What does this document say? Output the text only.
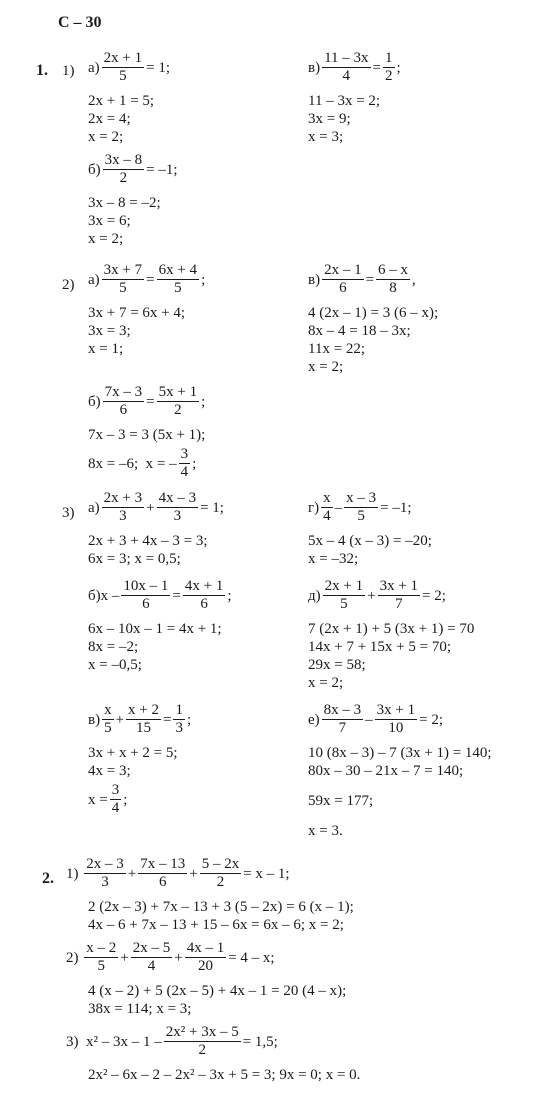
С – 30
1. 1) $а) \frac{2x + 1}{5} = 1$;
2x + 1 = 5;
2x = 4;
x = 2;
$б) \frac{3x - 8}{2} = -1$;
3x – 8 = –2;
3x = 6;
x = 2;
$в) \frac{11 - 3x}{4} = \frac{1}{2}$ ;
11 – 3x = 2;
3x = 9;
x = 3;
2) $а) \frac{3x + 7}{5} = \frac{6x + 4}{5}$ ;
3x + 7 = 6x + 4;
3x = 3;
x = 1;
$в) \frac{2x - 1}{6} = \frac{6 - x}{8}$ ,
4 (2x – 1) = 3 (6 – x);
8x – 4 = 18 – 3x;
11x = 22;
x = 2;
$б) \frac{7x - 3}{6} = \frac{5x + 1}{2}$ ;
7x – 3 = 3 (5x + 1);
8x = –6;  x = – $\frac{3}{4}$ ;
3) $а) \frac{2x + 3}{3} + \frac{4x - 3}{3} = 1$;
2x + 3 + 4x – 3 = 3;
6x = 3; x = 0,5;
$г) \frac{x}{4} - \frac{x - 3}{5} = -1$;
5x – 4 (x – 3) = –20;
x = –32;
б) $x - \frac{10x - 1}{6} = \frac{4x + 1}{6}$ ;
6x – 10x – 1 = 4x + 1;
8x = –2;
x = –0,5;
$д) \frac{2x + 1}{5} + \frac{3x + 1}{7} = 2$;
7 (2x + 1) + 5 (3x + 1) = 70
14x + 7 + 15x + 5 = 70;
29x = 58;
x = 2;
$в) \frac{x}{5} + \frac{x + 2}{15} = \frac{1}{3}$ ;
3x + x + 2 = 5;
4x = 3;
$x = \frac{3}{4}$ ;
$е) \frac{8x - 3}{7} - \frac{3x + 1}{10} = 2$;
10 (8x – 3) – 7 (3x + 1) = 140;
80x – 30 – 21x – 7 = 140;
59x = 177;
x = 3.
2. 1)
$\frac{2x - 3}{3} + \frac{7x - 13}{6} + \frac{5 - 2x}{2} = x - 1$;
2 (2x – 3) + 7x – 13 + 3 (5 – 2x) = 6 (x – 1);
4x – 6 + 7x – 13 + 15 – 6x = 6x – 6; x = 2;
2)
$\frac{x - 2}{5} + \frac{2x - 5}{4} + \frac{4x - 1}{20} = 4 - x$;
4 (x – 2) + 5 (2x – 5) + 4x – 1 = 20 (4 – x);
38x = 114; x = 3;
3)
$x^2 - 3x - 1 - \frac{\text{2x² + 3x – 5}}{2} = 1,5$;
2x² – 6x – 2 – 2x² – 3x + 5 = 3; 9x = 0; x = 0.
